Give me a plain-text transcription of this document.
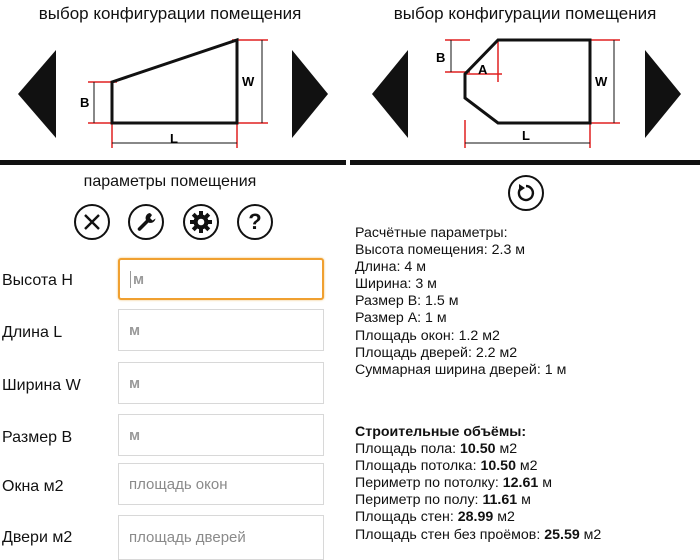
выбор конфигурации помещения
B
L
W
выбор конфигурации помещения
B
A
L
W
параметры помещения
?
Высота H	м
Длина L	м
Ширина W	м
Размер B	м
Окна м2	площадь окон
Двери м2	площадь дверей
Расчётные параметры:
Высота помещения: 2.3 м
Длина: 4 м
Ширина: 3 м
Размер B: 1.5 м
Размер A: 1 м
Площадь окон: 1.2 м2
Площадь дверей: 2.2 м2
Суммарная ширина дверей: 1 м
Строительные объёмы:
Площадь пола: 10.50 м2
Площадь потолка: 10.50 м2
Периметр по потолку: 12.61 м
Периметр по полу: 11.61 м
Площадь стен: 28.99 м2
Площадь стен без проёмов: 25.59 м2
